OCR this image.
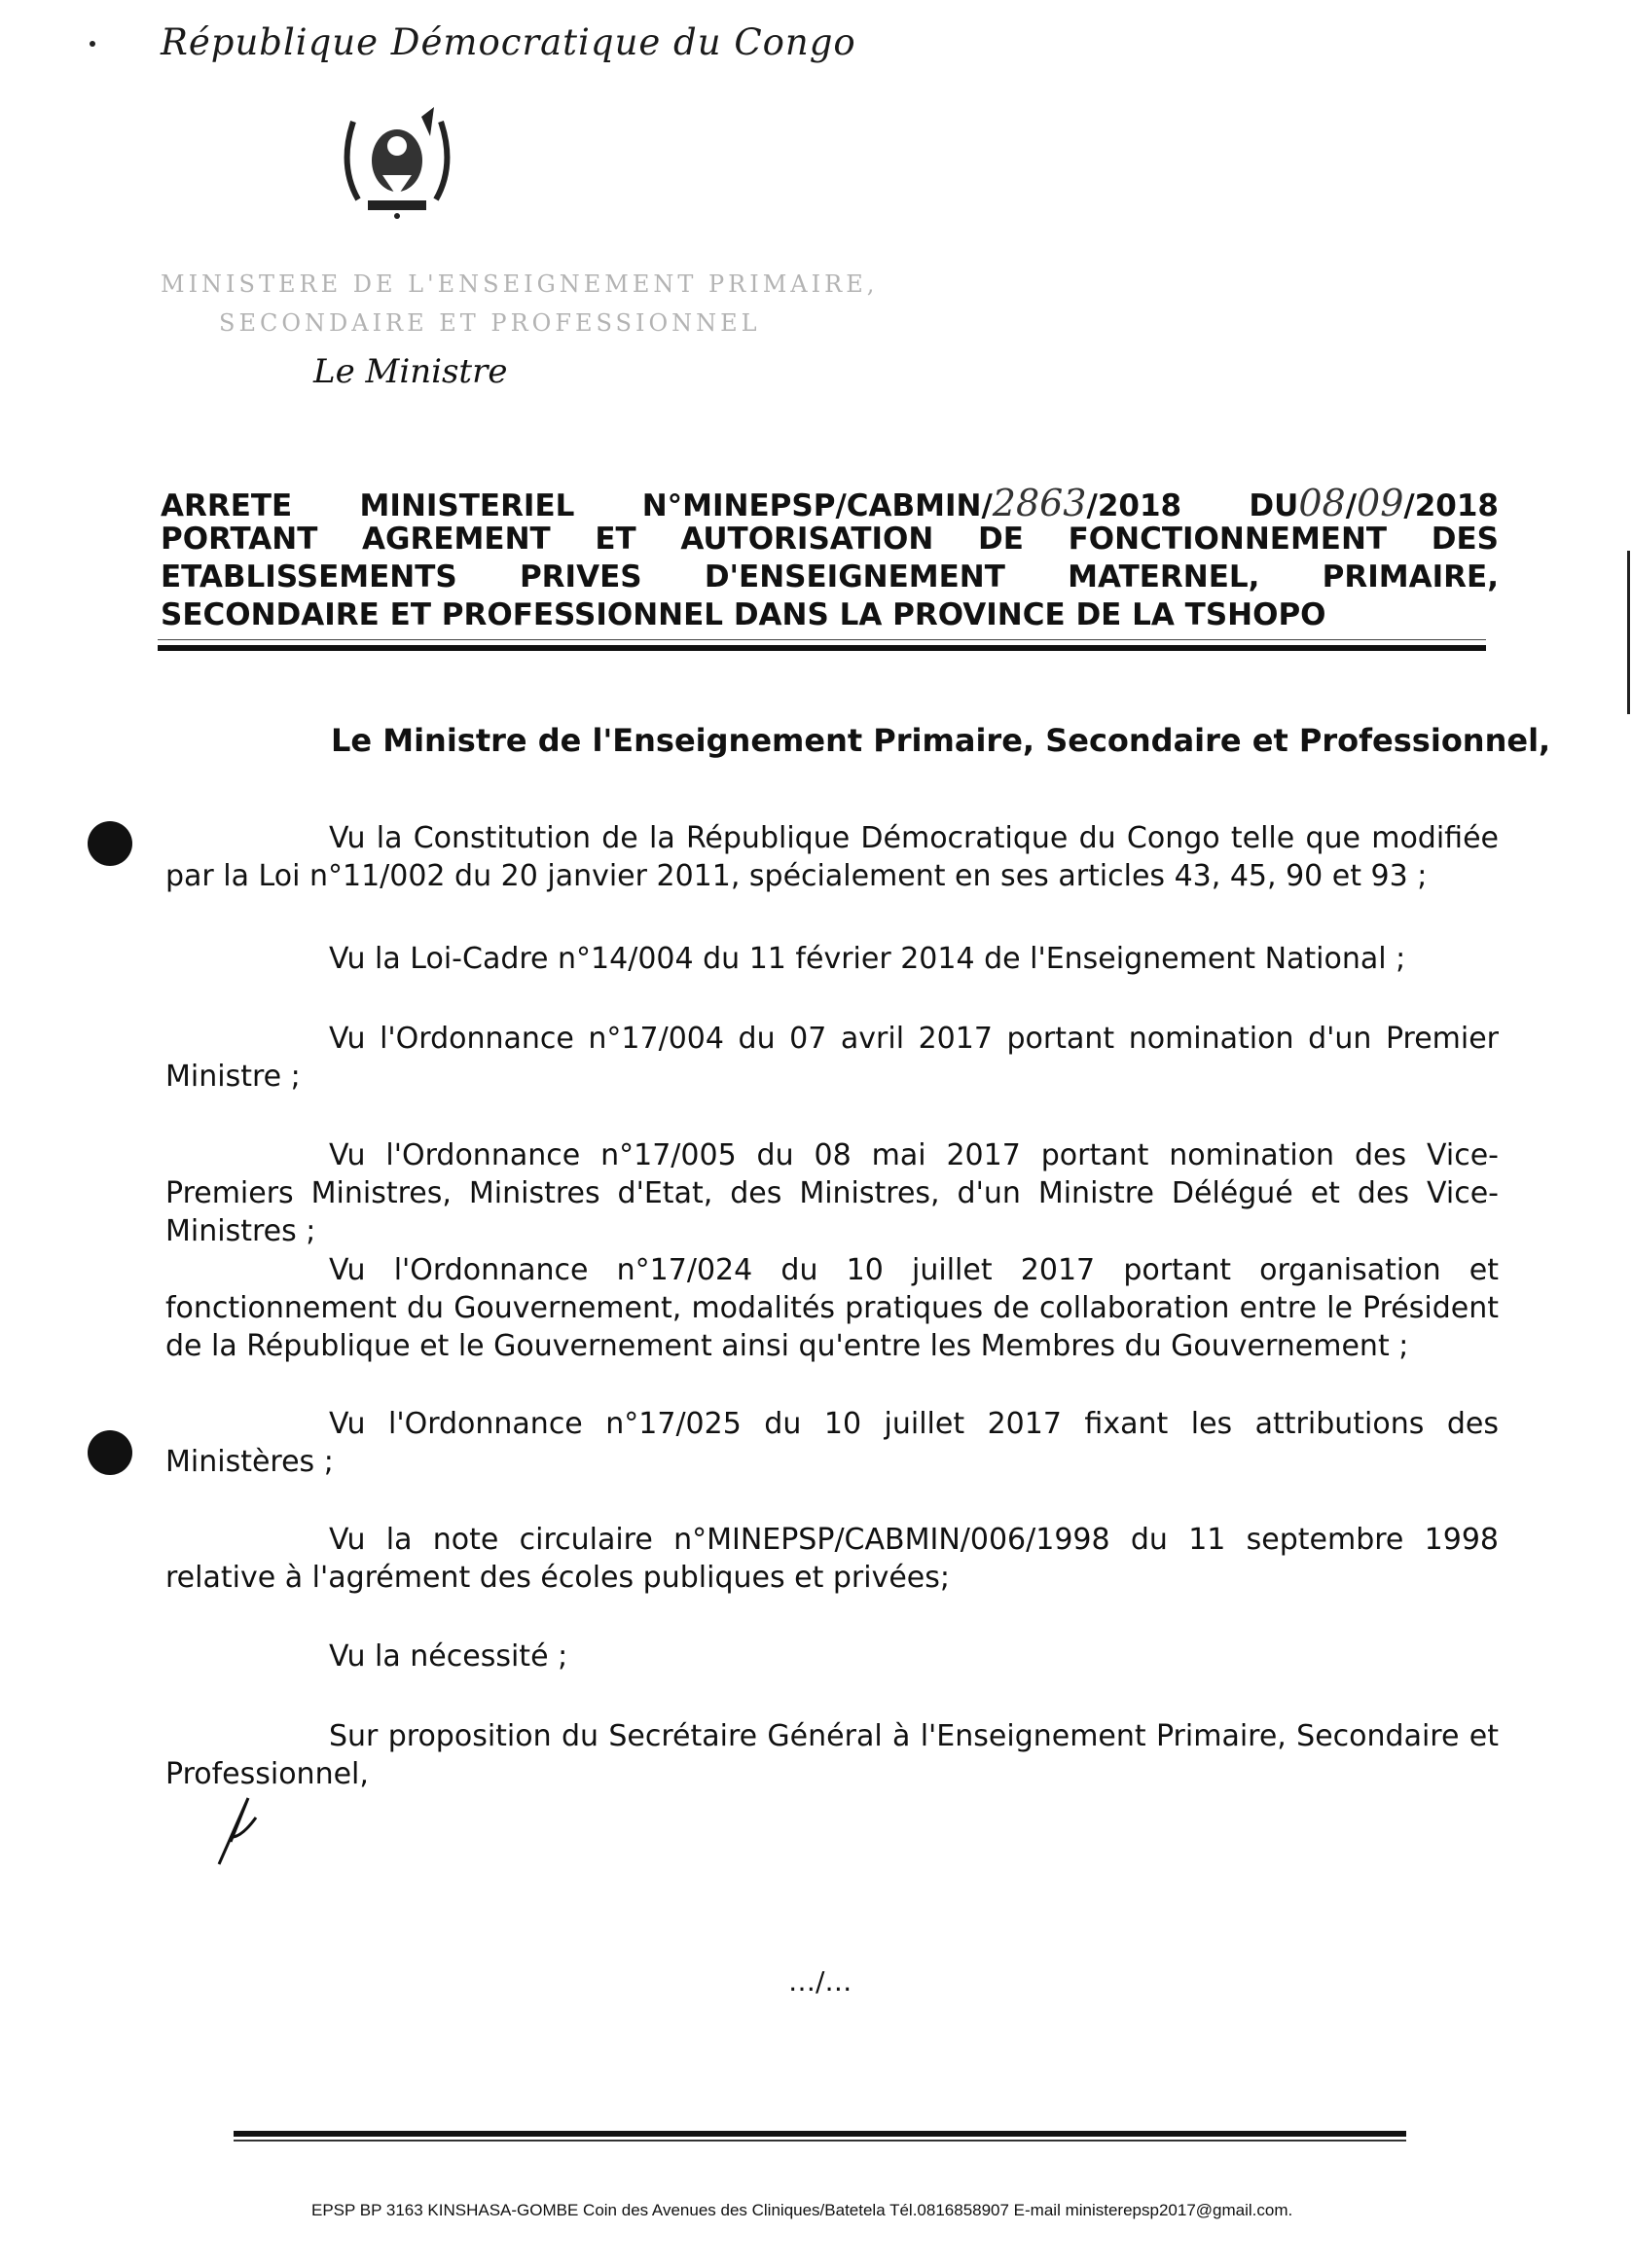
République Démocratique du Congo
MINISTERE DE L'ENSEIGNEMENT PRIMAIRE,
SECONDAIRE ET PROFESSIONNEL
Le Ministre
ARRETE MINISTERIEL N°MINEPSP/CABMIN/2863/2018 DU08/09/2018
PORTANT AGREMENT ET AUTORISATION DE FONCTIONNEMENT DES
ETABLISSEMENTS PRIVES D'ENSEIGNEMENT MATERNEL, PRIMAIRE,
SECONDAIRE ET PROFESSIONNEL DANS LA PROVINCE DE LA TSHOPO
Le Ministre de l'Enseignement Primaire, Secondaire et Professionnel,
Vu la Constitution de la République Démocratique du Congo telle que modifiée par la Loi n°11/002 du 20 janvier 2011, spécialement en ses articles 43, 45, 90 et 93 ;
Vu la Loi-Cadre n°14/004 du 11 février 2014 de l'Enseignement National ;
Vu l'Ordonnance n°17/004 du 07 avril 2017 portant nomination d'un Premier Ministre ;
Vu l'Ordonnance n°17/005 du 08 mai 2017 portant nomination des Vice-Premiers Ministres, Ministres d'Etat, des Ministres, d'un Ministre Délégué et des Vice-Ministres ;
Vu l'Ordonnance n°17/024 du 10 juillet 2017 portant organisation et fonctionnement du Gouvernement, modalités pratiques de collaboration entre le Président de la République et le Gouvernement ainsi qu'entre les Membres du Gouvernement ;
Vu l'Ordonnance n°17/025 du 10 juillet 2017 fixant les attributions des Ministères ;
Vu la note circulaire n°MINEPSP/CABMIN/006/1998 du 11 septembre 1998 relative à l'agrément des écoles publiques et privées;
Vu la nécessité ;
Sur proposition du Secrétaire Général à l'Enseignement Primaire, Secondaire et Professionnel,
…/…
EPSP BP 3163 KINSHASA-GOMBE Coin des Avenues des Cliniques/Batetela Tél.0816858907 E-mail ministerepsp2017@gmail.com.
